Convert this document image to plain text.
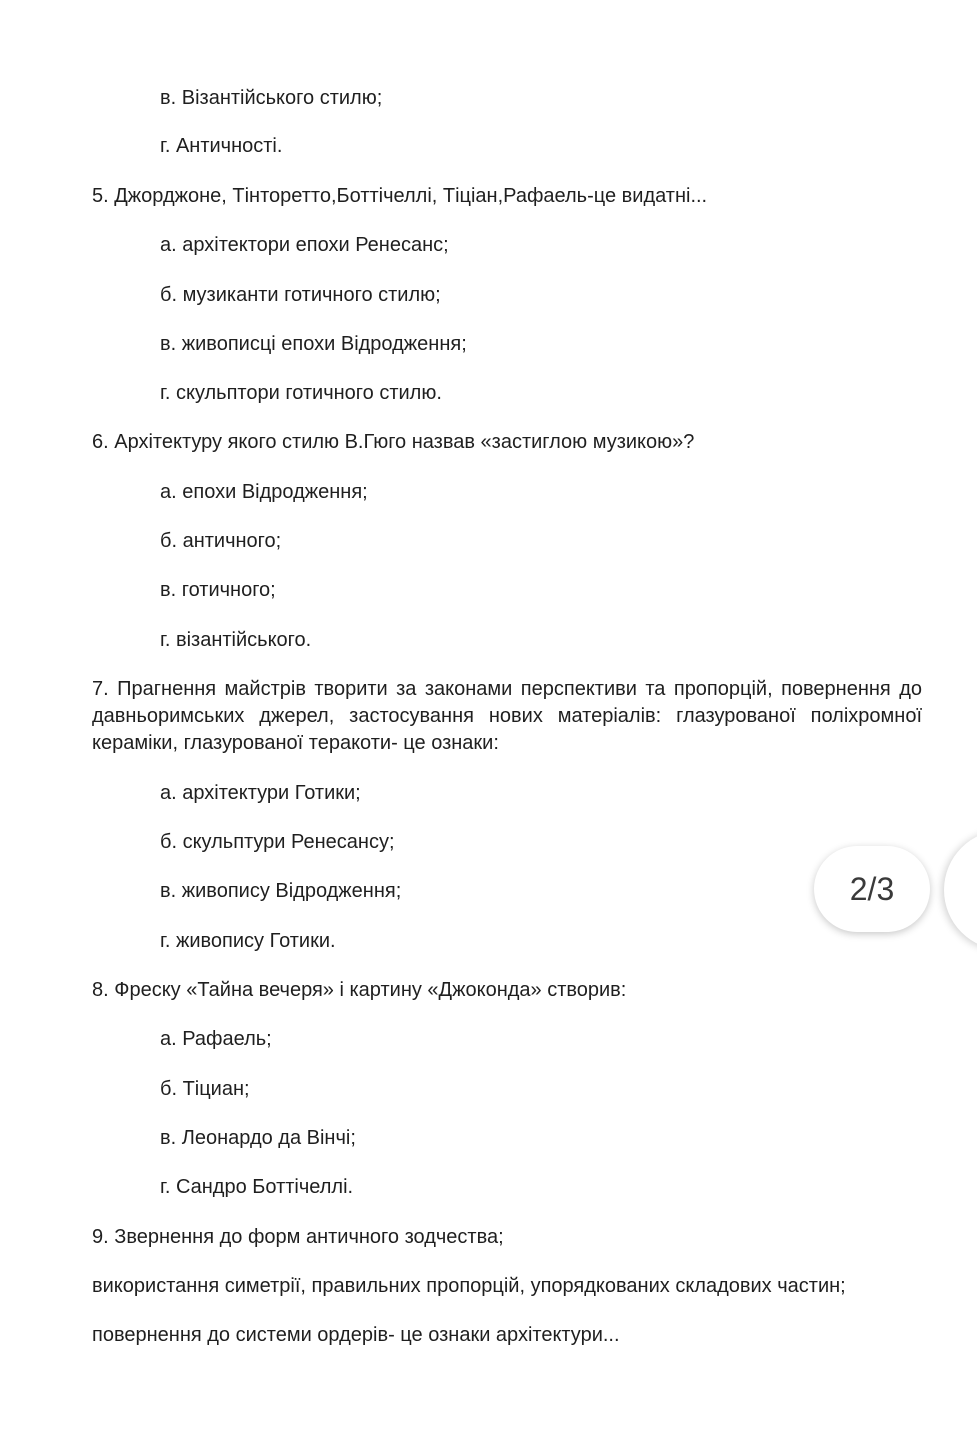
в. Візантійського стилю;
г. Античності.
5. Джорджоне, Тінторетто,Боттічеллі, Тіціан,Рафаель-це видатні...
а. архітектори епохи Ренесанс;
б. музиканти готичного стилю;
в. живописці епохи Відродження;
г. скульптори готичного стилю.
6. Архітектуру якого стилю В.Гюго назвав «застиглою музикою»?
а. епохи Відродження;
б. античного;
в. готичного;
г. візантійського.
7. Прагнення майстрів творити за законами перспективи та пропорцій, повернення до давньоримських джерел, застосування нових матеріалів: глазурованої поліхромної кераміки, глазурованої теракоти- це ознаки:
а. архітектури Готики;
б. скульптури Ренесансу;
в. живопису Відродження;
г. живопису Готики.
8. Фреску «Тайна вечеря» і картину «Джоконда» створив:
а. Рафаель;
б. Тіциан;
в. Леонардо да Вінчі;
г. Сандро Боттічеллі.
9. Звернення до форм античного зодчества;
використання симетрії, правильних пропорцій, упорядкованих складових частин;
повернення до системи ордерів- це ознаки архітектури...
2/3
